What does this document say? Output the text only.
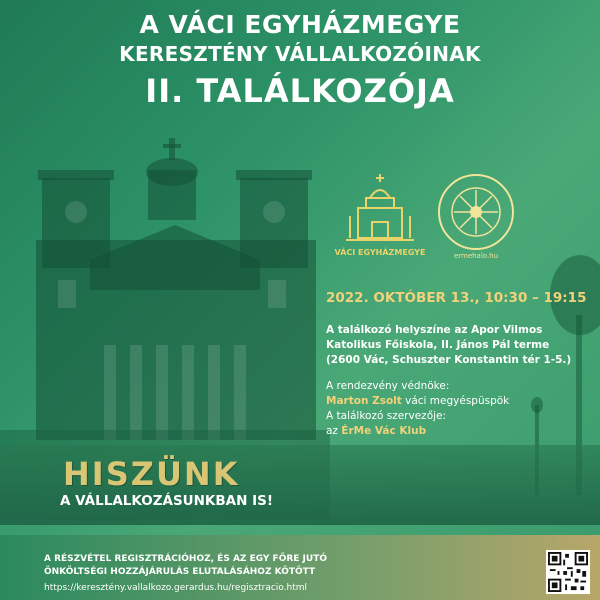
A VÁCI EGYHÁZMEGYE
KERESZTÉNY VÁLLALKOZÓINAK
II. TALÁLKOZÓJA
VÁCI EGYHÁZMEGYE	ermehalo.hu
2022. OKTÓBER 13., 10:30 – 19:15
A találkozó helyszíne az Apor Vilmos
Katolikus Főiskola, II. János Pál terme
(2600 Vác, Schuszter Konstantin tér 1-5.)
A rendezvény védnöke:
Marton Zsolt váci megyéspüspök
A találkozó szervezője:
az ÉrMe Vác Klub
HISZÜNK
A VÁLLALKOZÁSUNKBAN IS!
A RÉSZVÉTEL REGISZTRÁCIÓHOZ, ÉS AZ EGY FŐRE JUTÓ
ÖNKÖLTSÉGI HOZZÁJÁRULÁS ELUTALÁSÁHOZ KÖTÖTT
https://keresztény.vallalkozo.gerardus.hu/regisztracio.html
